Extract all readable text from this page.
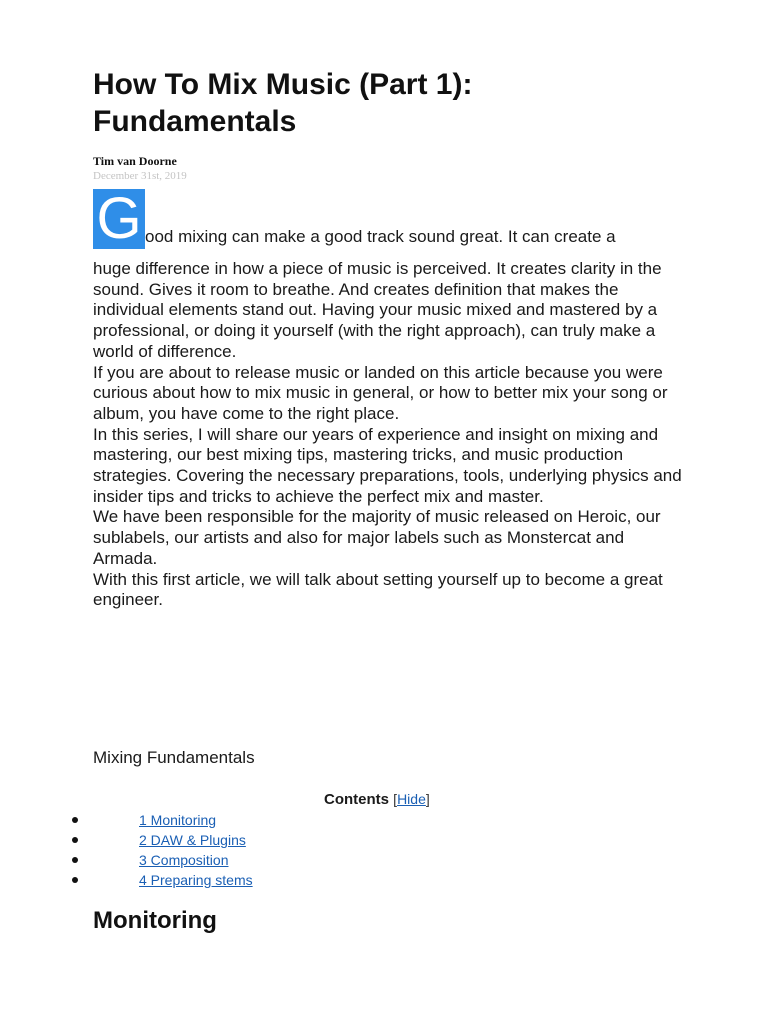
How To Mix Music (Part 1): Fundamentals
Tim van Doorne
December 31st, 2019
G ood mixing can make a good track sound great. It can create a
huge difference in how a piece of music is perceived. It creates clarity in the sound. Gives it room to breathe. And creates definition that makes the individual elements stand out. Having your music mixed and mastered by a professional, or doing it yourself (with the right approach), can truly make a world of difference.

If you are about to release music or landed on this article because you were curious about how to mix music in general, or how to better mix your song or album, you have come to the right place.

In this series, I will share our years of experience and insight on mixing and mastering, our best mixing tips, mastering tricks, and music production strategies. Covering the necessary preparations, tools, underlying physics and insider tips and tricks to achieve the perfect mix and master.

We have been responsible for the majority of music released on Heroic, our sublabels, our artists and also for major labels such as Monstercat and Armada.

With this first article, we will talk about setting yourself up to become a great engineer.

Mixing Fundamentals
Contents [Hide]
1 Monitoring
2 DAW & Plugins
3 Composition
4 Preparing stems
Monitoring
